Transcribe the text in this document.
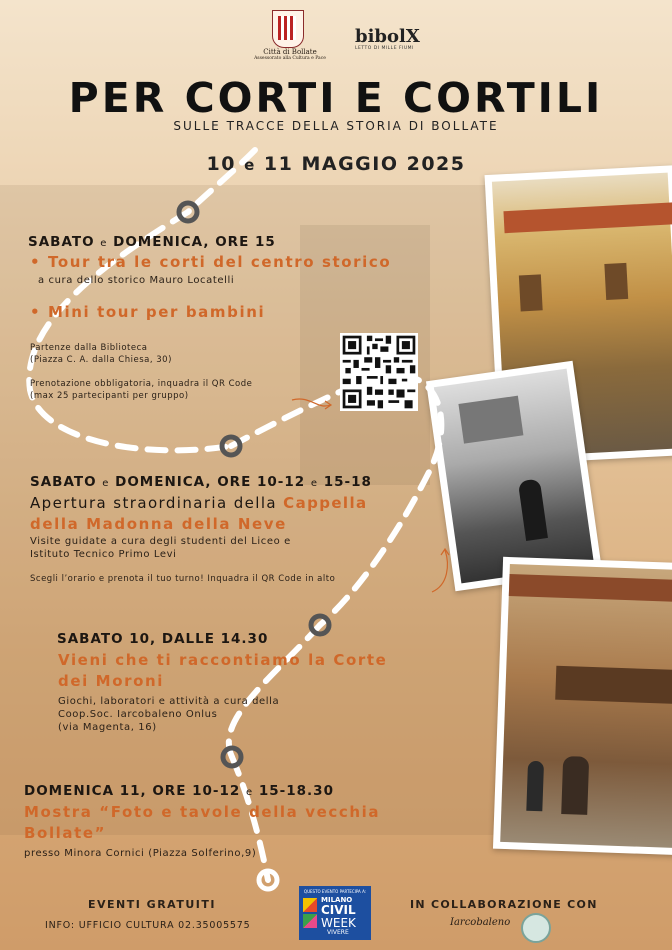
Città di Bollate
Assessorato alla Cultura e Pace
bibolX
LETTO DI MILLE FIUMI
PER CORTI E CORTILI
SULLE TRACCE DELLA STORIA DI BOLLATE
10 e 11 MAGGIO 2025
SABATO e DOMENICA, ORE 15
• Tour tra le corti del centro storico
a cura dello storico Mauro Locatelli
• Mini tour per bambini
Partenze dalla Biblioteca
(Piazza C. A. dalla Chiesa, 30)
Prenotazione obbligatoria, inquadra il QR Code
(max 25 partecipanti per gruppo)
SABATO e DOMENICA, ORE 10-12 e 15-18
Apertura straordinaria della Cappella
della Madonna della Neve
Visite guidate a cura degli studenti del Liceo e
Istituto Tecnico Primo Levi
Scegli l’orario e prenota il tuo turno! Inquadra il QR Code in alto
SABATO 10, DALLE 14.30
Vieni che ti raccontiamo la Corte
dei Moroni
Giochi, laboratori e attività a cura della
Coop.Soc. Iarcobaleno Onlus
(via Magenta, 16)
DOMENICA 11, ORE 10-12 e 15-18.30
Mostra “Foto e tavole della vecchia
Bollate”
presso Minora Cornici (Piazza Solferino,9)
EVENTI GRATUITI
INFO: UFFICIO CULTURA 02.35005575
QUESTO EVENTO PARTECIPA A:
MILANO
CIVIL
WEEK
VIVERE
IN COLLABORAZIONE CON
Iarcobaleno
